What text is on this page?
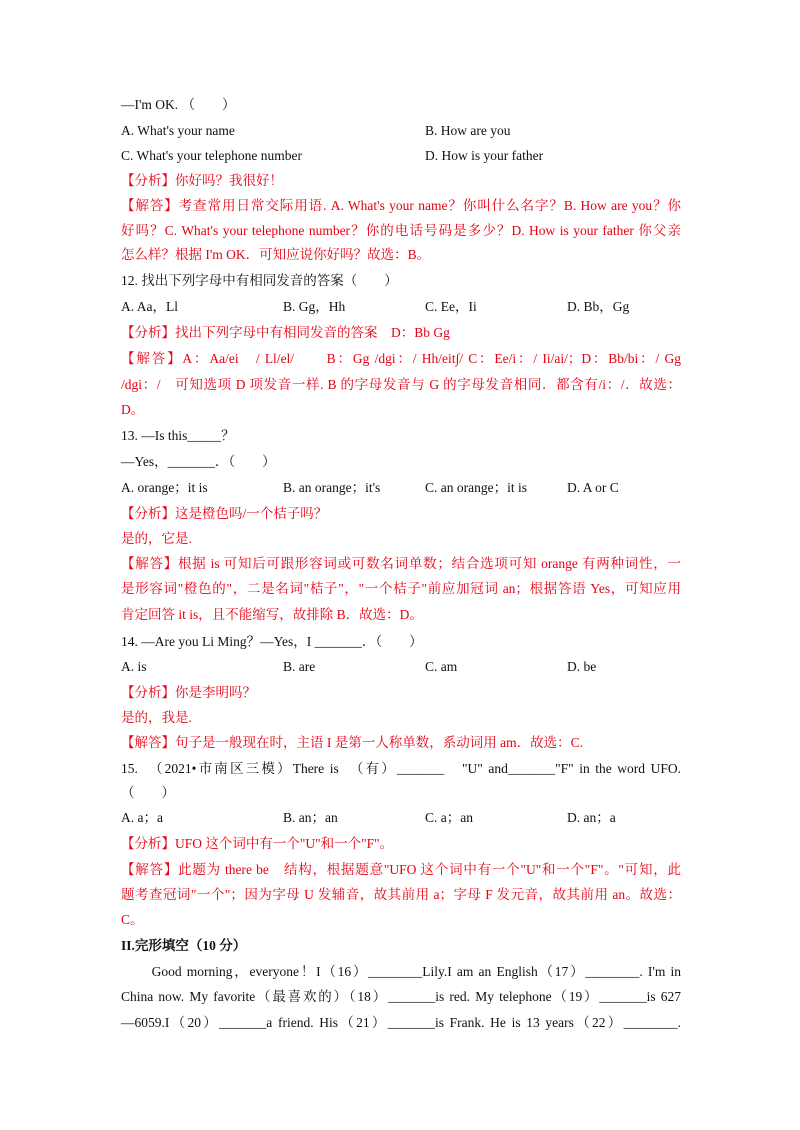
—I'm OK. （　　）
A. What's your name	B. How are you
C. What's your telephone number	D. How is your father
【分析】你好吗？我很好！
【解答】考查常用日常交际用语. A. What's your name？你叫什么名字？B. How are you？你
好吗？C. What's your telephone number？你的电话号码是多少？D. How is your father 你父亲
怎么样？根据 I'm OK．可知应说你好吗？故选：B。
12. 找出下列字母中有相同发音的答案（　　）
A. Aa，Ll	B. Gg，Hh	C. Ee，Ii	D. Bb，Gg
【分析】找出下列字母中有相同发音的答案　D：Bb Gg
【解答】A：Aa/ei　/ Ll/el/　　B：Gg /dgi：/ Hh/eit∫/ C：Ee/i：/ Ii/ai/；D：Bb/bi：/ Gg
/dgi：/　可知选项 D 项发音一样. B 的字母发音与 G 的字母发音相同．都含有/i：/．故选：
D。
13. —Is this_____？
—Yes，_______．（　　）
A. orange；it is	B. an orange；it's	C. an orange；it is	D. A or C
【分析】这是橙色吗/一个桔子吗？
是的，它是.
【解答】根据 is 可知后可跟形容词或可数名词单数；结合选项可知 orange 有两种词性，一
是形容词"橙色的"，二是名词"桔子"，"一个桔子"前应加冠词 an；根据答语 Yes，可知应用
肯定回答 it is，且不能缩写，故排除 B．故选：D。
14. —Are you Li Ming？—Yes，I _______．（　　）
A. is	B. are	C. am	D. be
【分析】你是李明吗？
是的，我是.
【解答】句子是一般现在时，主语 I 是第一人称单数，系动词用 am．故选：C.
15.　（2021•市南区三模）There is　（有）_______　"U" and_______"F" in the word UFO.
（　　）
A. a；a	B. an；an	C. a；an	D. an；a
【分析】UFO 这个词中有一个"U"和一个"F"。
【解答】此题为 there be　结构，根据题意"UFO 这个词中有一个"U"和一个"F"。"可知，此
题考查冠词"一个"；因为字母 U 发辅音，故其前用 a；字母 F 发元音，故其前用 an。故选：
C。
II.完形填空（10 分）
　　Good morning，everyone！I（16）________Lily.I am an English（17）________. I'm in
China now. My favorite（最喜欢的）（18）_______is red. My telephone（19）_______is 627
—6059.I（20）_______a friend. His（21）_______is Frank. He is 13 years（22）________.
